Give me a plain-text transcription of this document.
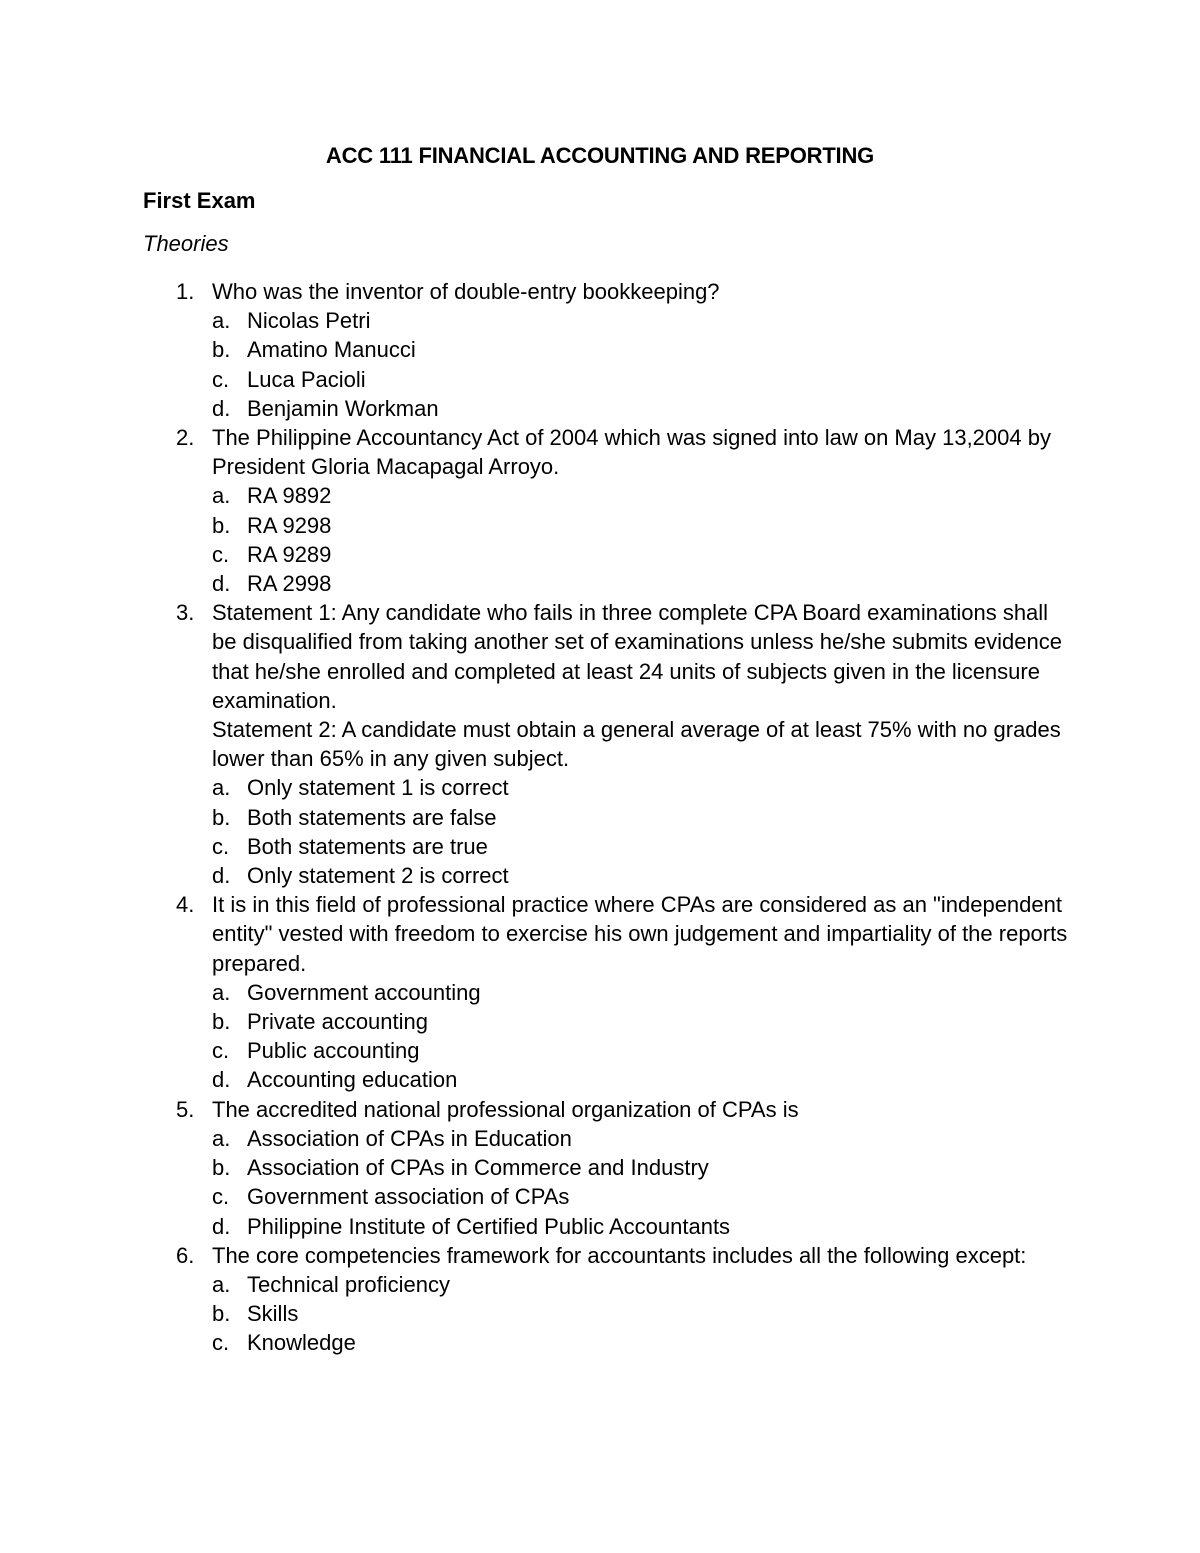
ACC 111 FINANCIAL ACCOUNTING AND REPORTING
First Exam
Theories
1. Who was the inventor of double-entry bookkeeping?
a. Nicolas Petri
b. Amatino Manucci
c. Luca Pacioli
d. Benjamin Workman
2. The Philippine Accountancy Act of 2004 which was signed into law on May 13,2004 by President Gloria Macapagal Arroyo.
a. RA 9892
b. RA 9298
c. RA 9289
d. RA 2998
3. Statement 1: Any candidate who fails in three complete CPA Board examinations shall be disqualified from taking another set of examinations unless he/she submits evidence that he/she enrolled and completed at least 24 units of subjects given in the licensure examination.
Statement 2: A candidate must obtain a general average of at least 75% with no grades lower than 65% in any given subject.
a. Only statement 1 is correct
b. Both statements are false
c. Both statements are true
d. Only statement 2 is correct
4. It is in this field of professional practice where CPAs are considered as an "independent entity" vested with freedom to exercise his own judgement and impartiality of the reports prepared.
a. Government accounting
b. Private accounting
c. Public accounting
d. Accounting education
5. The accredited national professional organization of CPAs is
a. Association of CPAs in Education
b. Association of CPAs in Commerce and Industry
c. Government association of CPAs
d. Philippine Institute of Certified Public Accountants
6. The core competencies framework for accountants includes all the following except:
a. Technical proficiency
b. Skills
c. Knowledge
